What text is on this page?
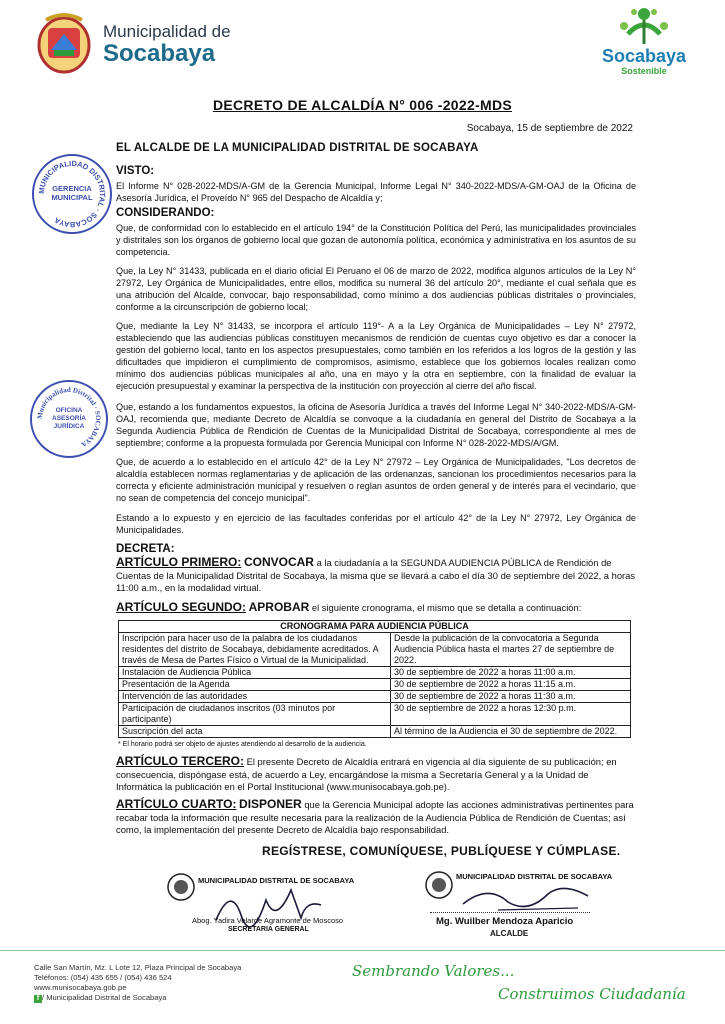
Municipalidad de
Socabaya	Socabaya
Sostenible
DECRETO DE ALCALDÍA N° 006 -2022-MDS
Socabaya, 15 de septiembre de 2022
EL ALCALDE DE LA MUNICIPALIDAD DISTRITAL DE SOCABAYA
MUNICIPALIDAD DISTRITAL · SOCABAYA
GERENCIA MUNICIPAL
Municipalidad Distrital · SOCABAYA
OFICINA ASESORÍA JURÍDICA
VISTO:
El Informe N° 028-2022-MDS/A-GM de la Gerencia Municipal, Informe Legal N° 340-2022-MDS/A-GM-OAJ de la Oficina de Asesoría Jurídica, el Proveído N° 965 del Despacho de Alcaldía y;
CONSIDERANDO:
Que, de conformidad con lo establecido en el artículo 194° de la Constitución Política del Perú, las municipalidades provinciales y distritales son los órganos de gobierno local que gozan de autonomía política, económica y administrativa en los asuntos de su competencia.
Que, la Ley N° 31433, publicada en el diario oficial El Peruano el 06 de marzo de 2022, modifica algunos artículos de la Ley N° 27972, Ley Orgánica de Municipalidades, entre ellos, modifica su numeral 36 del artículo 20°, mediante el cual señala que es una atribución del Alcalde, convocar, bajo responsabilidad, como mínimo a dos audiencias públicas distritales o provinciales, conforme a la circunscripción de gobierno local;
Que, mediante la Ley N° 31433, se incorpora el artículo 119°- A a la Ley Orgánica de Municipalidades – Ley N° 27972, estableciendo que las audiencias públicas constituyen mecanismos de rendición de cuentas cuyo objetivo es dar a conocer la gestión del gobierno local, tanto en los aspectos presupuestales, como también en los referidos a los logros de la gestión y las dificultades que impidieron el cumplimiento de compromisos, asimismo, establece que los gobiernos locales realizan como mínimo dos audiencias públicas municipales al año, una en mayo y la otra en septiembre, con la finalidad de evaluar la ejecución presupuestal y examinar la perspectiva de la institución con proyección al cierre del año fiscal.
Que, estando a los fundamentos expuestos, la oficina de Asesoría Jurídica a través del Informe Legal N° 340-2022-MDS/A-GM-OAJ, recomienda que, mediante Decreto de Alcaldía se convoque a la ciudadanía en general del Distrito de Socabaya a la Segunda Audiencia Pública de Rendición de Cuentas de la Municipalidad Distrital de Socabaya, correspondiente al mes de septiembre; conforme a la propuesta formulada por Gerencia Municipal con Informe N° 028-2022-MDS/A/GM.
Que, de acuerdo a lo establecido en el artículo 42° de la Ley N° 27972 – Ley Orgánica de Municipalidades, "Los decretos de alcaldía establecen normas reglamentarias y de aplicación de las ordenanzas, sancionan los procedimientos necesarios para la correcta y eficiente administración municipal y resuelven o reglan asuntos de orden general y de interés para el vecindario, que no sean de competencia del concejo municipal".
Estando a lo expuesto y en ejercicio de las facultades conferidas por el artículo 42° de la Ley N° 27972, Ley Orgánica de Municipalidades.
DECRETA:
ARTÍCULO PRIMERO: CONVOCAR a la ciudadanía a la SEGUNDA AUDIENCIA PÚBLICA de Rendición de Cuentas de la Municipalidad Distrital de Socabaya, la misma que se llevará a cabo el día 30 de septiembre del 2022, a horas 11:00 a.m., en la modalidad virtual.
ARTÍCULO SEGUNDO: APROBAR el siguiente cronograma, el mismo que se detalla a continuación:
CRONOGRAMA PARA AUDIENCIA PÚBLICA	
Inscripción para hacer uso de la palabra de los ciudadanos residentes del distrito de Socabaya, debidamente acreditados. A través de Mesa de Partes Físico o Virtual de la Municipalidad.	Desde la publicación de la convocatoria a Segunda Audiencia Pública hasta el martes 27 de septiembre de 2022.
Instalación de Audiencia Pública	30 de septiembre de 2022 a horas 11:00 a.m.
Presentación de la Agenda	30 de septiembre de 2022 a horas 11:15 a.m.
Intervención de las autoridades	30 de septiembre de 2022 a horas 11:30 a.m.
Participación de ciudadanos inscritos (03 minutos por participante)	30 de septiembre de 2022 a horas 12:30 p.m.
Suscripción del acta	Al término de la Audiencia el 30 de septiembre de 2022.
* El horario podrá ser objeto de ajustes atendiendo al desarrollo de la audiencia.
ARTÍCULO TERCERO: El presente Decreto de Alcaldía entrará en vigencia al día siguiente de su publicación; en consecuencia, dispóngase está, de acuerdo a Ley, encargándose la misma a Secretaría General y a la Unidad de Informática la publicación en el Portal Institucional (www.munisocabaya.gob.pe).
ARTÍCULO CUARTO: DISPONER que la Gerencia Municipal adopte las acciones administrativas pertinentes para recabar toda la información que resulte necesaria para la realización de la Audiencia Pública de Rendición de Cuentas; así como, la implementación del presente Decreto de Alcaldía bajo responsabilidad.
REGÍSTRESE, COMUNÍQUESE, PUBLÍQUESE Y CÚMPLASE.
MUNICIPALIDAD DISTRITAL DE SOCABAYA
Abog. Yadira Velarde Agramonte de Moscoso
SECRETARIA GENERAL
MUNICIPALIDAD DISTRITAL DE SOCABAYA
Mg. Wuilber Mendoza Aparicio
ALCALDE
Calle San Martín, Mz. L Lote 12, Plaza Principal de Socabaya
Teléfonos: (054) 435 655 / (054) 436 524
www.munisocabaya.gob.pe
f / Municipalidad Distrital de Socabaya
Sembrando Valores...
Construimos Ciudadanía
